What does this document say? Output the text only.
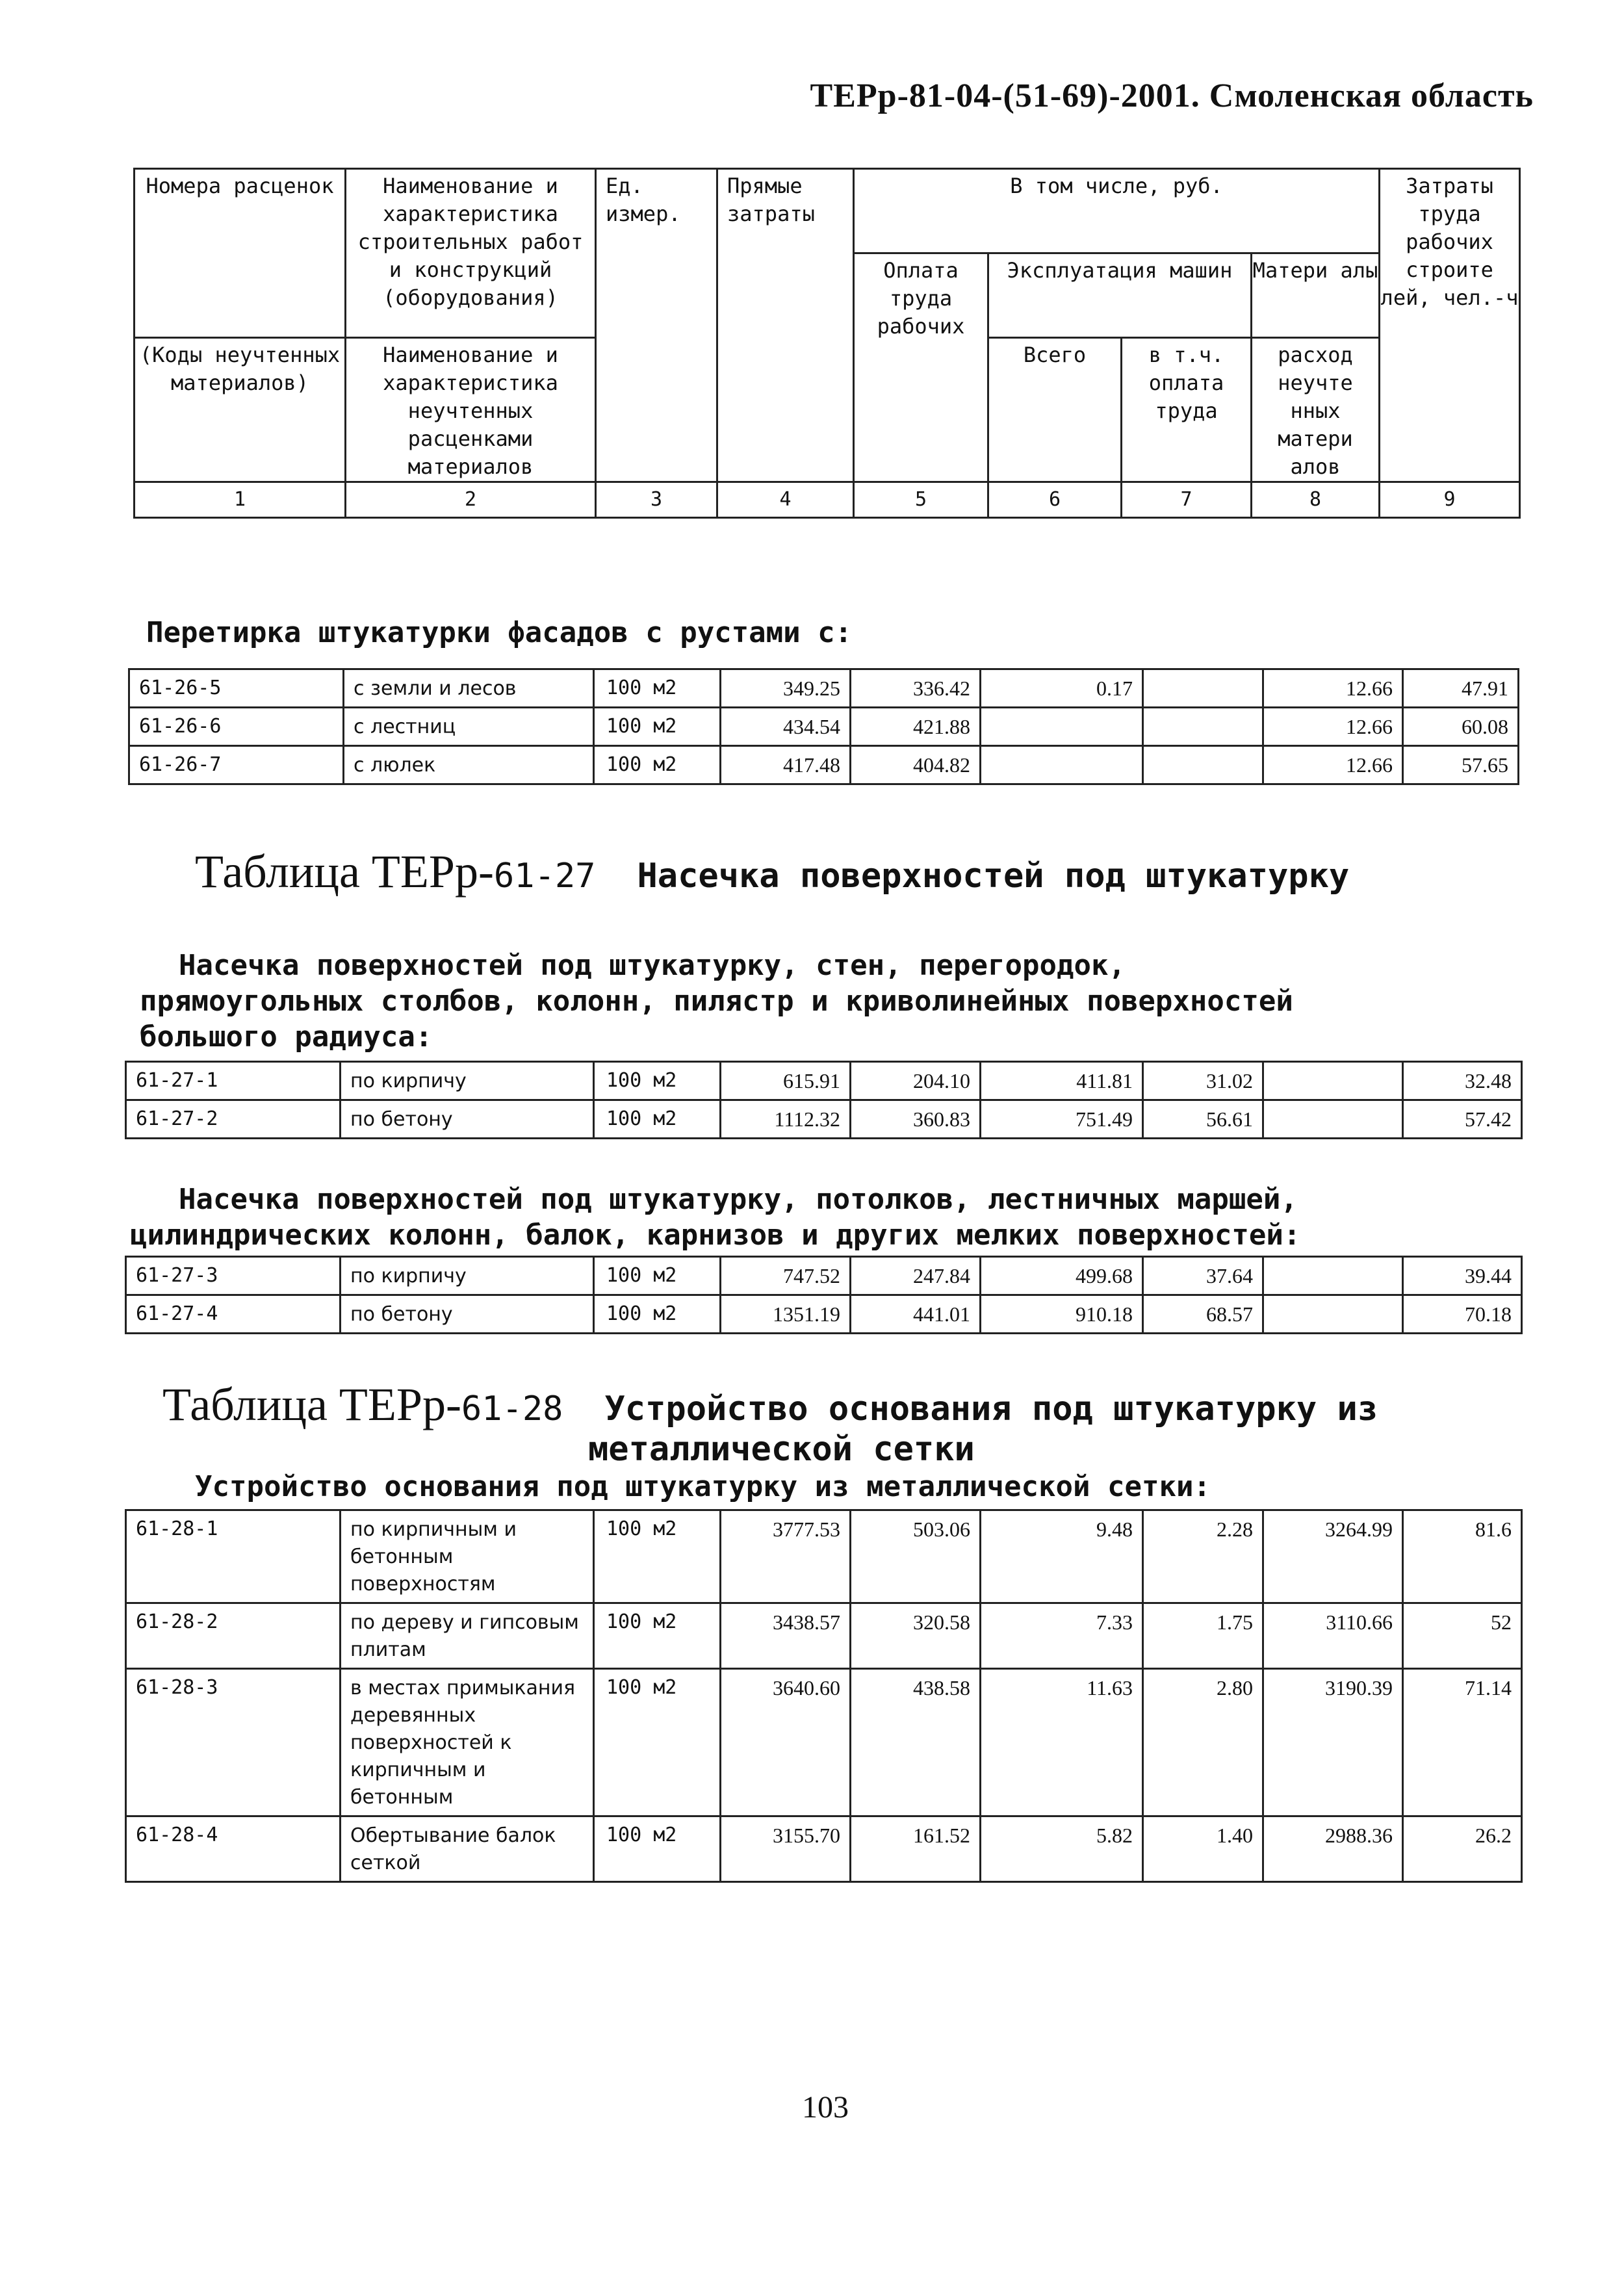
ТЕРр-81-04-(51-69)-2001. Смоленская область
Номера расценок	Наименование и характеристика строительных работ и конструкций (оборудования)	Ед. измер.	Прямые затраты	В том числе, руб.				Затраты труда рабочих строите лей, чел.-ч
				Оплата труда рабочих	Эксплуатация машин		Матери алы	
(Коды неучтенных материалов)	Наименование и характеристика неучтенных расценками материалов				Всего	в т.ч. оплата труда	расход неучте нных матери алов	
1	2	3	4	5	6	7	8	9
Перетирка штукатурки фасадов с рустами с:
61-26-5	с земли и лесов	100 м2	349.25	336.42	0.17		12.66	47.91
61-26-6	с лестниц	100 м2	434.54	421.88			12.66	60.08
61-26-7	с люлек	100 м2	417.48	404.82			12.66	57.65
Таблица ТЕРр-61-27 Насечка поверхностей под штукатурку
Насечка поверхностей под штукатурку, стен, перегородок,
прямоугольных столбов, колонн, пилястр и криволинейных поверхностей
большого радиуса:
61-27-1	по кирпичу	100 м2	615.91	204.10	411.81	31.02		32.48
61-27-2	по бетону	100 м2	1112.32	360.83	751.49	56.61		57.42
Насечка поверхностей под штукатурку, потолков, лестничных маршей,
цилиндрических колонн, балок, карнизов и других мелких поверхностей:
61-27-3	по кирпичу	100 м2	747.52	247.84	499.68	37.64		39.44
61-27-4	по бетону	100 м2	1351.19	441.01	910.18	68.57		70.18
Таблица ТЕРр-61-28 Устройство основания под штукатурку из
металлической сетки
Устройство основания под штукатурку из металлической сетки:
61-28-1	по кирпичным и бетонным поверхностям	100 м2	3777.53	503.06	9.48	2.28	3264.99	81.6
61-28-2	по дереву и гипсовым плитам	100 м2	3438.57	320.58	7.33	1.75	3110.66	52
61-28-3	в местах примыкания деревянных поверхностей к кирпичным и бетонным	100 м2	3640.60	438.58	11.63	2.80	3190.39	71.14
61-28-4	Обертывание балок сеткой	100 м2	3155.70	161.52	5.82	1.40	2988.36	26.2
103
